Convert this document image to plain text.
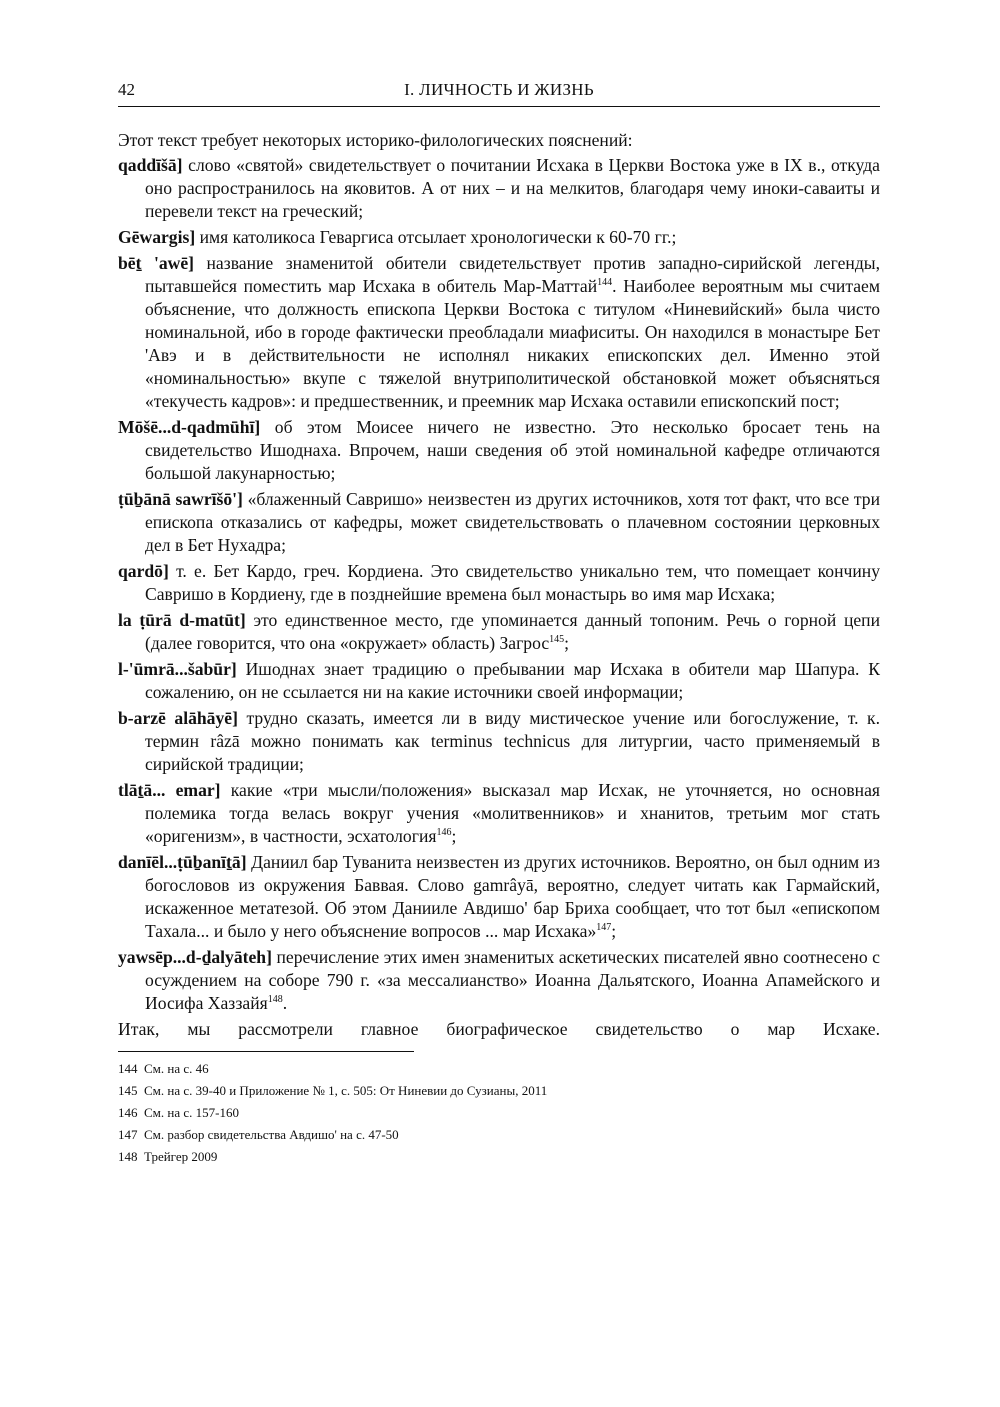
42	I. ЛИЧНОСТЬ И ЖИЗНЬ

Этот текст требует некоторых историко-филологических пояснений:

qaddīšā] слово «святой» свидетельствует о почитании Исхака в Церкви Востока уже в IX в., откуда оно распространилось на яковитов. А от них – и на мелкитов, благодаря чему иноки-саваиты и перевели текст на греческий;

Gēwargis] имя католикоса Геваргиса отсылает хронологически к 60-70 гг.;

bēṯ 'awē] название знаменитой обители свидетельствует против западно-сирийской легенды, пытавшейся поместить мар Исхака в обитель Мар-Маттай$^{144}$. Наиболее вероятным мы считаем объяснение, что должность епископа Церкви Востока с титулом «Ниневийский» была чисто номинальной, ибо в городе фактически преобладали миафиситы. Он находился в монастыре Бет 'Авэ и в действительности не исполнял никаких епископских дел. Именно этой «номинальностью» вкупе с тяжелой внутриполитической обстановкой может объясняться «текучесть кадров»: и предшественник, и преемник мар Исхака оставили епископский пост;

Mōšē...d-qadmūhī] об этом Моисее ничего не известно. Это несколько бросает тень на свидетельство Ишоднаха. Впрочем, наши сведения об этой номинальной кафедре отличаются большой лакунарностью;

ṭūḇānā sawrīšō'] «блаженный Савришо» неизвестен из других источников, хотя тот факт, что все три епископа отказались от кафедры, может свидетельствовать о плачевном состоянии церковных дел в Бет Нухадра;

qardō] т. е. Бет Кардо, греч. Кордиена. Это свидетельство уникально тем, что помещает кончину Савришо в Кордиену, где в позднейшие времена был монастырь во имя мар Исхака;

la ṭūrā d-matūt] это единственное место, где упоминается данный топоним. Речь о горной цепи (далее говорится, что она «окружает» область) Загрос$^{145}$;

l-'ūmrā...šabūr] Ишоднах знает традицию о пребывании мар Исхака в обители мар Шапура. К сожалению, он не ссылается ни на какие источники своей информации;

b-arzē alāhāyē] трудно сказать, имеется ли в виду мистическое учение или богослужение, т. к. термин râzā можно понимать как terminus technicus для литургии, часто применяемый в сирийской традиции;

tlāṯā... emar] какие «три мысли/положения» высказал мар Исхак, не уточняется, но основная полемика тогда велась вокруг учения «молитвенников» и хнанитов, третьим мог стать «оригенизм», в частности, эсхатология$^{146}$;

danīēl...ṭūḇanīṯā] Даниил бар Туванита неизвестен из других источников. Вероятно, он был одним из богословов из окружения Баввая. Слово gamrâyā, вероятно, следует читать как Гармайский, искаженное метатезой. Об этом Данииле Авдишо' бар Бриха сообщает, что тот был «епископом Тахала... и было у него объяснение вопросов ... мар Исхака»$^{147}$;

yawsēp...d-ḏalyāteh] перечисление этих имен знаменитых аскетических писателей явно соотнесено с осуждением на соборе 790 г. «за мессалианство» Иоанна Дальятского, Иоанна Апамейского и Иосифа Хаззайя$^{148}$.

Итак, мы рассмотрели главное биографическое свидетельство о мар Исхаке.

144 См. на с. 46
145 См. на с. 39-40 и Приложение № 1, с. 505: От Ниневии до Сузианы, 2011
146 См. на с. 157-160
147 См. разбор свидетельства Авдишо' на с. 47-50
148 Трейгер 2009
